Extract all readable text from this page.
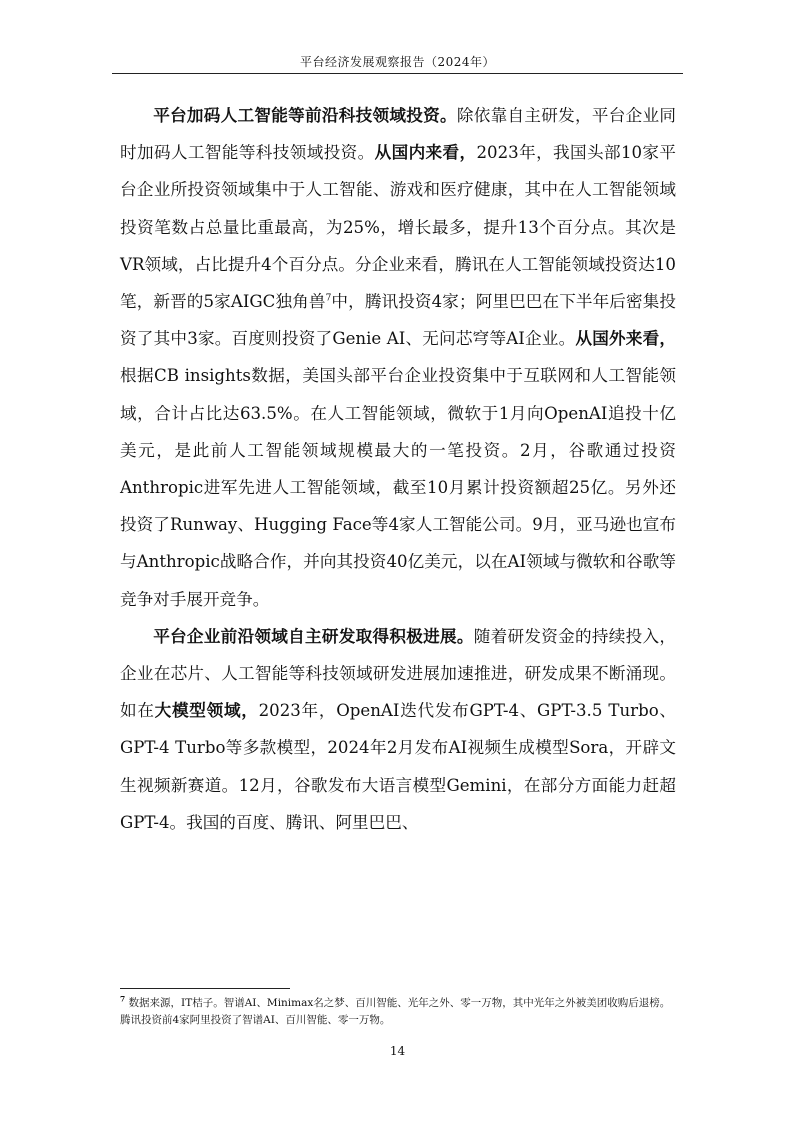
平台经济发展观察报告（2024年）

平台加码人工智能等前沿科技领域投资。除依靠自主研发，平台企业同时加码人工智能等科技领域投资。从国内来看，2023年，我国头部10家平台企业所投资领域集中于人工智能、游戏和医疗健康，其中在人工智能领域投资笔数占总量比重最高，为25%，增长最多，提升13个百分点。其次是VR领域，占比提升4个百分点。分企业来看，腾讯在人工智能领域投资达10笔，新晋的5家AIGC独角兽$^7$中，腾讯投资4家；阿里巴巴在下半年后密集投资了其中3家。百度则投资了Genie AI、无问芯穹等AI企业。从国外来看，根据CB insights数据，美国头部平台企业投资集中于互联网和人工智能领域，合计占比达63.5%。在人工智能领域，微软于1月向OpenAI追投十亿美元，是此前人工智能领域规模最大的一笔投资。2月，谷歌通过投资Anthropic进军先进人工智能领域，截至10月累计投资额超25亿。另外还投资了Runway、Hugging Face等4家人工智能公司。9月，亚马逊也宣布与Anthropic战略合作，并向其投资40亿美元，以在AI领域与微软和谷歌等竞争对手展开竞争。

平台企业前沿领域自主研发取得积极进展。随着研发资金的持续投入，企业在芯片、人工智能等科技领域研发进展加速推进，研发成果不断涌现。如在大模型领域，2023年，OpenAI迭代发布GPT-4、GPT-3.5 Turbo、GPT-4 Turbo等多款模型，2024年2月发布AI视频生成模型Sora，开辟文生视频新赛道。12月，谷歌发布大语言模型Gemini，在部分方面能力赶超GPT-4。我国的百度、腾讯、阿里巴巴、

$^7$ 数据来源，IT桔子。智谱AI、Minimax名之梦、百川智能、光年之外、零一万物，其中光年之外被美团收购后退榜。腾讯投资前4家阿里投资了智谱AI、百川智能、零一万物。
14
